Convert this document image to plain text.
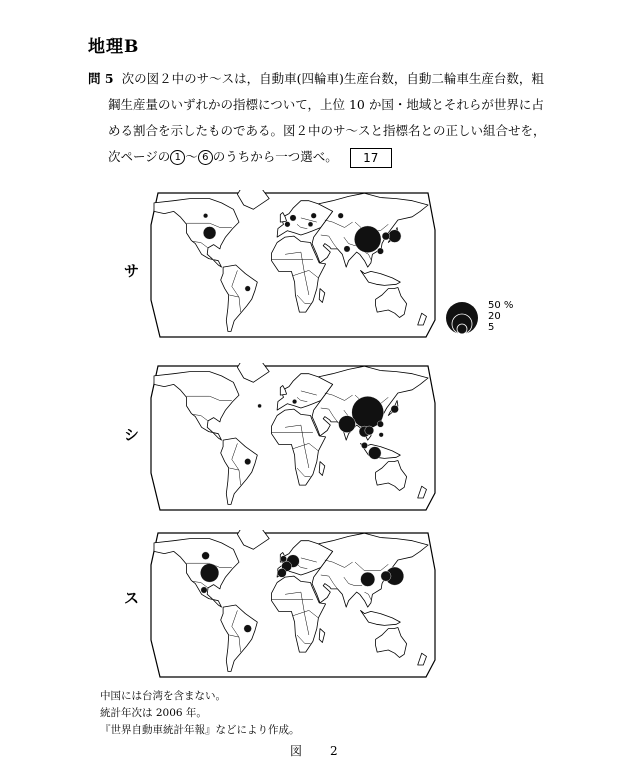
地理B
問 5 次の図２中のサ～スは，自動車(四輪車)生産台数，自動二輪車生産台数，粗
鋼生産量のいずれかの指標について，上位 10 か国・地域とそれらが世界に占
める割合を示したものである。図２中のサ～スと指標名との正しい組合せを，
次ページの 1 ～ 6 のうちから一つ選べ。 17
サ
シ
ス
50 %
20
5
中国には台湾を含まない。
統計年次は 2006 年。
『世界自動車統計年報』などにより作成。
図　2
